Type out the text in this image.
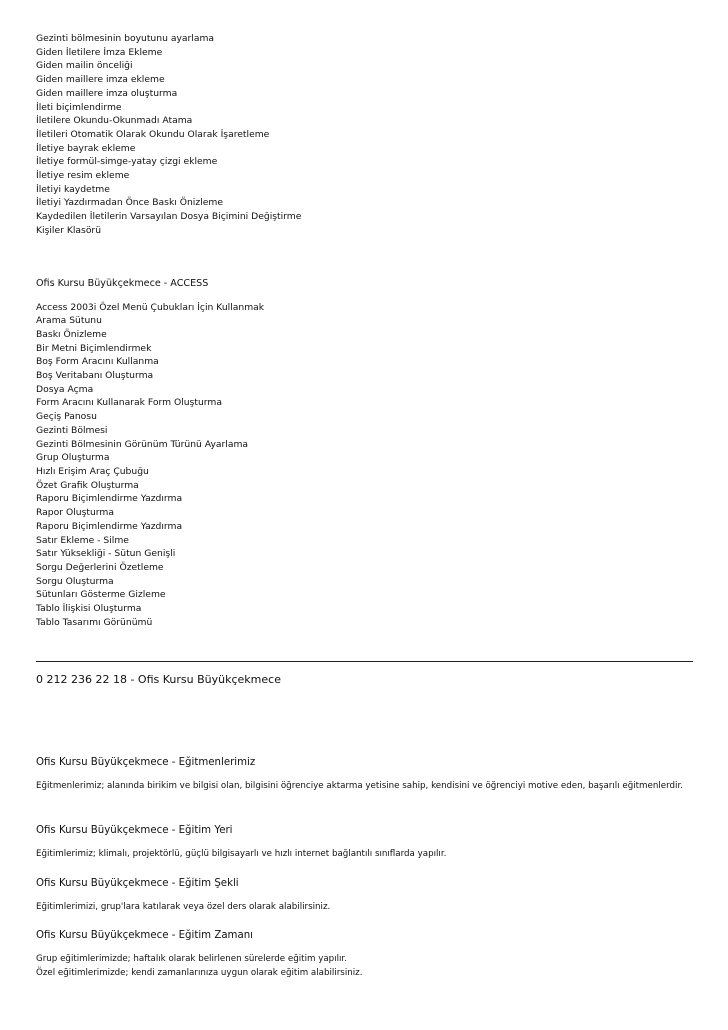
Gezinti bölmesinin boyutunu ayarlama
Giden İletilere İmza Ekleme
Giden mailin önceliği
Giden maillere imza ekleme
Giden maillere imza oluşturma
İleti biçimlendirme
İletilere Okundu-Okunmadı Atama
İletileri Otomatik Olarak Okundu Olarak İşaretleme
İletiye bayrak ekleme
İletiye formül-simge-yatay çizgi ekleme
İletiye resim ekleme
İletiyi kaydetme
İletiyi Yazdırmadan Önce Baskı Önizleme
Kaydedilen İletilerin Varsayılan Dosya Biçimini Değiştirme
Kişiler Klasörü
Ofis Kursu Büyükçekmece - ACCESS
Access 2003i Özel Menü Çubukları İçin Kullanmak
Arama Sütunu
Baskı Önizleme
Bir Metni Biçimlendirmek
Boş Form Aracını Kullanma
Boş Veritabanı Oluşturma
Dosya Açma
Form Aracını Kullanarak Form Oluşturma
Geçiş Panosu
Gezinti Bölmesi
Gezinti Bölmesinin Görünüm Türünü Ayarlama
Grup Oluşturma
Hızlı Erişim Araç Çubuğu
Özet Grafik Oluşturma
Raporu Biçimlendirme Yazdırma
Rapor Oluşturma
Raporu Biçimlendirme Yazdırma
Satır Ekleme - Silme
Satır Yüksekliği - Sütun Genişli
Sorgu Değerlerini Özetleme
Sorgu Oluşturma
Sütunları Gösterme Gizleme
Tablo İlişkisi Oluşturma
Tablo Tasarımı Görünümü
0 212 236 22 18 - Ofis Kursu Büyükçekmece
Ofis Kursu Büyükçekmece - Eğitmenlerimiz

Eğitmenlerimiz; alanında birikim ve bilgisi olan, bilgisini öğrenciye aktarma yetisine sahip, kendisini ve öğrenciyi motive eden, başarılı eğitmenlerdir.

Ofis Kursu Büyükçekmece - Eğitim Yeri

Eğitimlerimiz; klimalı, projektörlü, güçlü bilgisayarlı ve hızlı internet bağlantılı sınıflarda yapılır.

Ofis Kursu Büyükçekmece - Eğitim Şekli

Eğitimlerimizi, grup'lara katılarak veya özel ders olarak alabilirsiniz.

Ofis Kursu Büyükçekmece - Eğitim Zamanı

Grup eğitimlerimizde; haftalık olarak belirlenen sürelerde eğitim yapılır.

Özel eğitimlerimizde; kendi zamanlarınıza uygun olarak eğitim alabilirsiniz.
